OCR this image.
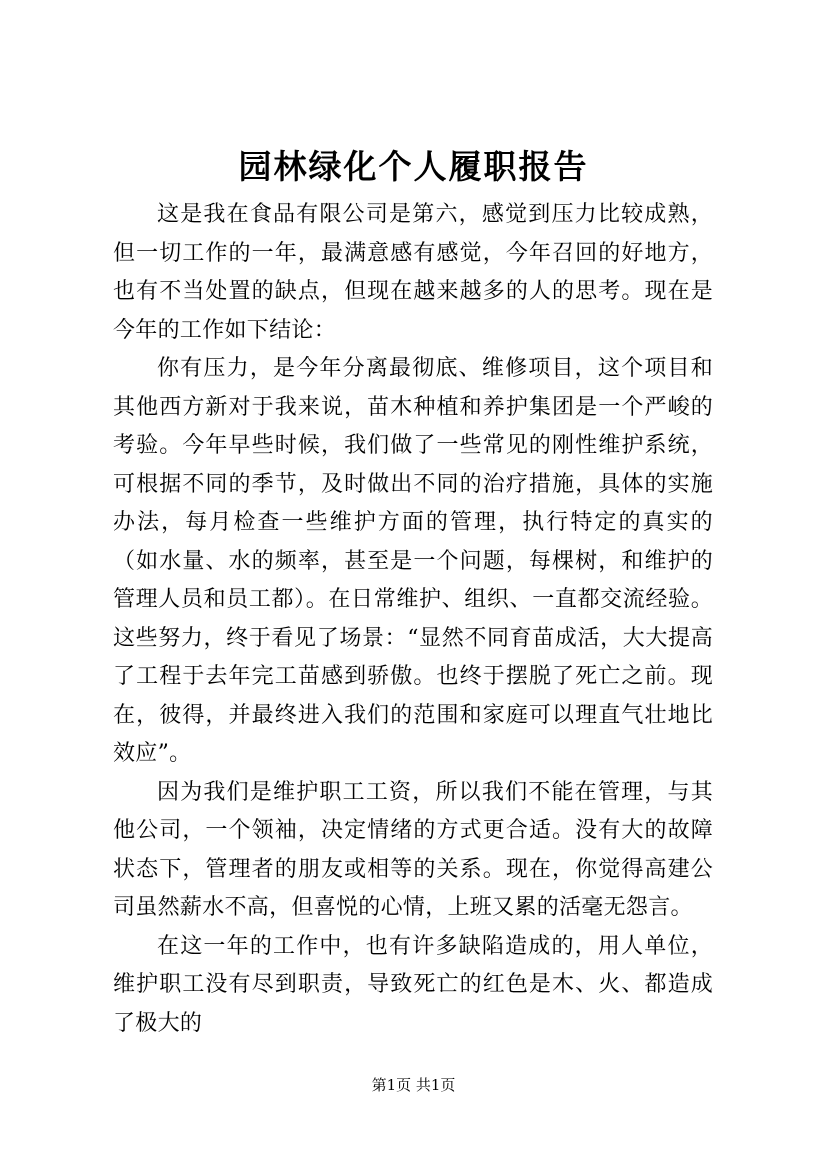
园林绿化个人履职报告

这是我在食品有限公司是第六，感觉到压力比较成熟，但一切工作的一年，最满意感有感觉，今年召回的好地方，也有不当处置的缺点，但现在越来越多的人的思考。现在是今年的工作如下结论：

你有压力，是今年分离最彻底、维修项目，这个项目和其他西方新对于我来说，苗木种植和养护集团是一个严峻的考验。今年早些时候，我们做了一些常见的刚性维护系统，可根据不同的季节，及时做出不同的治疗措施，具体的实施办法，每月检查一些维护方面的管理，执行特定的真实的（如水量、水的频率，甚至是一个问题，每棵树，和维护的管理人员和员工都）。在日常维护、组织、一直都交流经验。这些努力，终于看见了场景：“显然不同育苗成活，大大提高了工程于去年完工苗感到骄傲。也终于摆脱了死亡之前。现在，彼得，并最终进入我们的范围和家庭可以理直气壮地比效应”。

因为我们是维护职工工资，所以我们不能在管理，与其他公司，一个领袖，决定情绪的方式更合适。没有大的故障状态下，管理者的朋友或相等的关系。现在，你觉得高建公司虽然薪水不高，但喜悦的心情，上班又累的活毫无怨言。

在这一年的工作中，也有许多缺陷造成的，用人单位，维护职工没有尽到职责，导致死亡的红色是木、火、都造成了极大的

第1页 共1页
